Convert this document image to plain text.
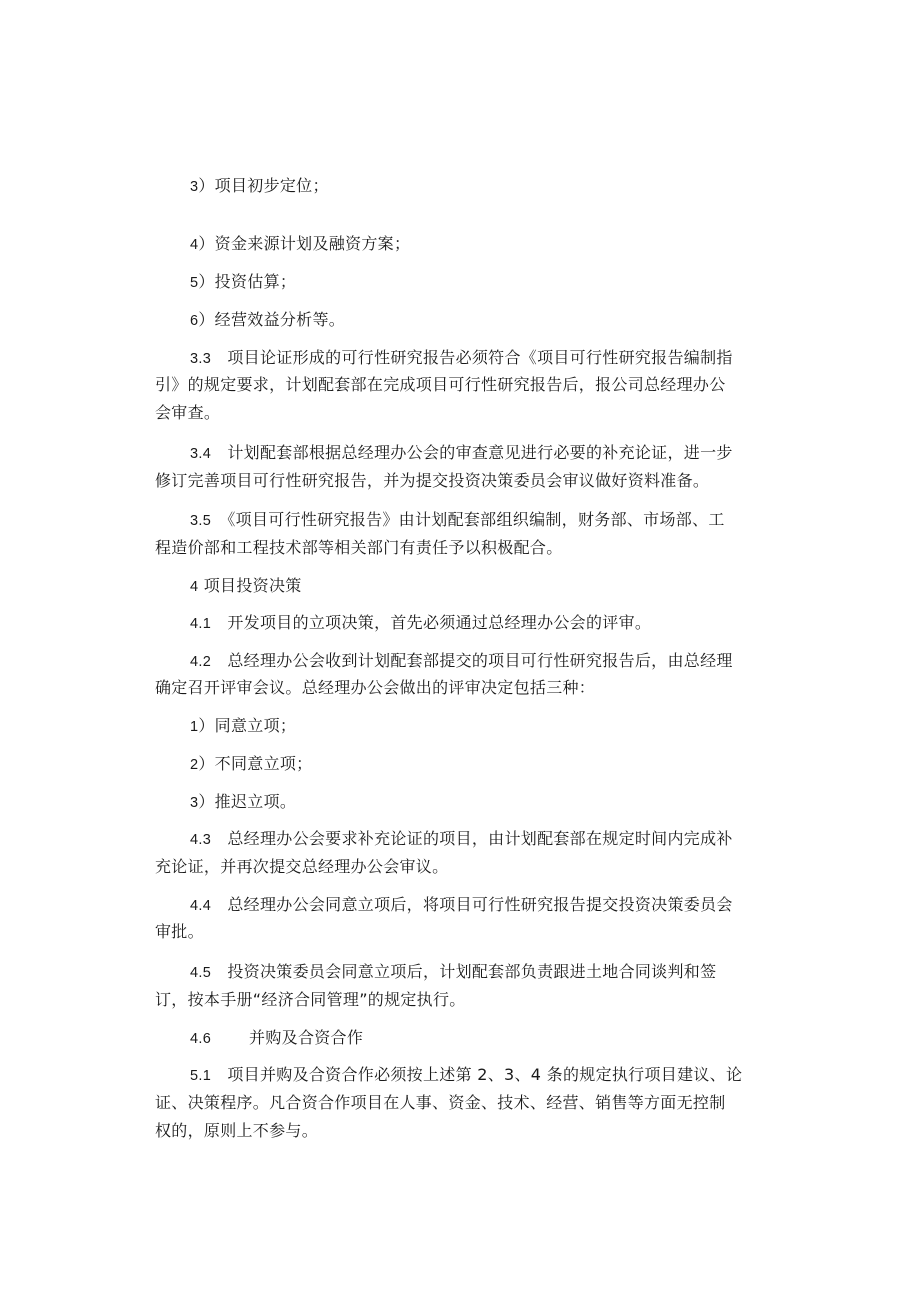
3）项目初步定位；

4）资金来源计划及融资方案；

5）投资估算；

6）经营效益分析等。

3.3　项目论证形成的可行性研究报告必须符合《项目可行性研究报告编制指

引》的规定要求，计划配套部在完成项目可行性研究报告后，报公司总经理办公

会审查。

3.4　计划配套部根据总经理办公会的审查意见进行必要的补充论证，进一步

修订完善项目可行性研究报告，并为提交投资决策委员会审议做好资料准备。

3.5　《项目可行性研究报告》由计划配套部组织编制，财务部、市场部、工

程造价部和工程技术部等相关部门有责任予以积极配合。

4 项目投资决策

4.1　开发项目的立项决策，首先必须通过总经理办公会的评审。

4.2　总经理办公会收到计划配套部提交的项目可行性研究报告后，由总经理

确定召开评审会议。总经理办公会做出的评审决定包括三种：

1）同意立项；

2）不同意立项；

3）推迟立项。

4.3　总经理办公会要求补充论证的项目，由计划配套部在规定时间内完成补

充论证，并再次提交总经理办公会审议。

4.4　总经理办公会同意立项后，将项目可行性研究报告提交投资决策委员会

审批。

4.5　投资决策委员会同意立项后，计划配套部负责跟进土地合同谈判和签

订，按本手册“经济合同管理”的规定执行。

4.6　　 并购及合资合作

5.1　项目并购及合资合作必须按上述第 2、3、4 条的规定执行项目建议、论

证、决策程序。凡合资合作项目在人事、资金、技术、经营、销售等方面无控制

权的，原则上不参与。
